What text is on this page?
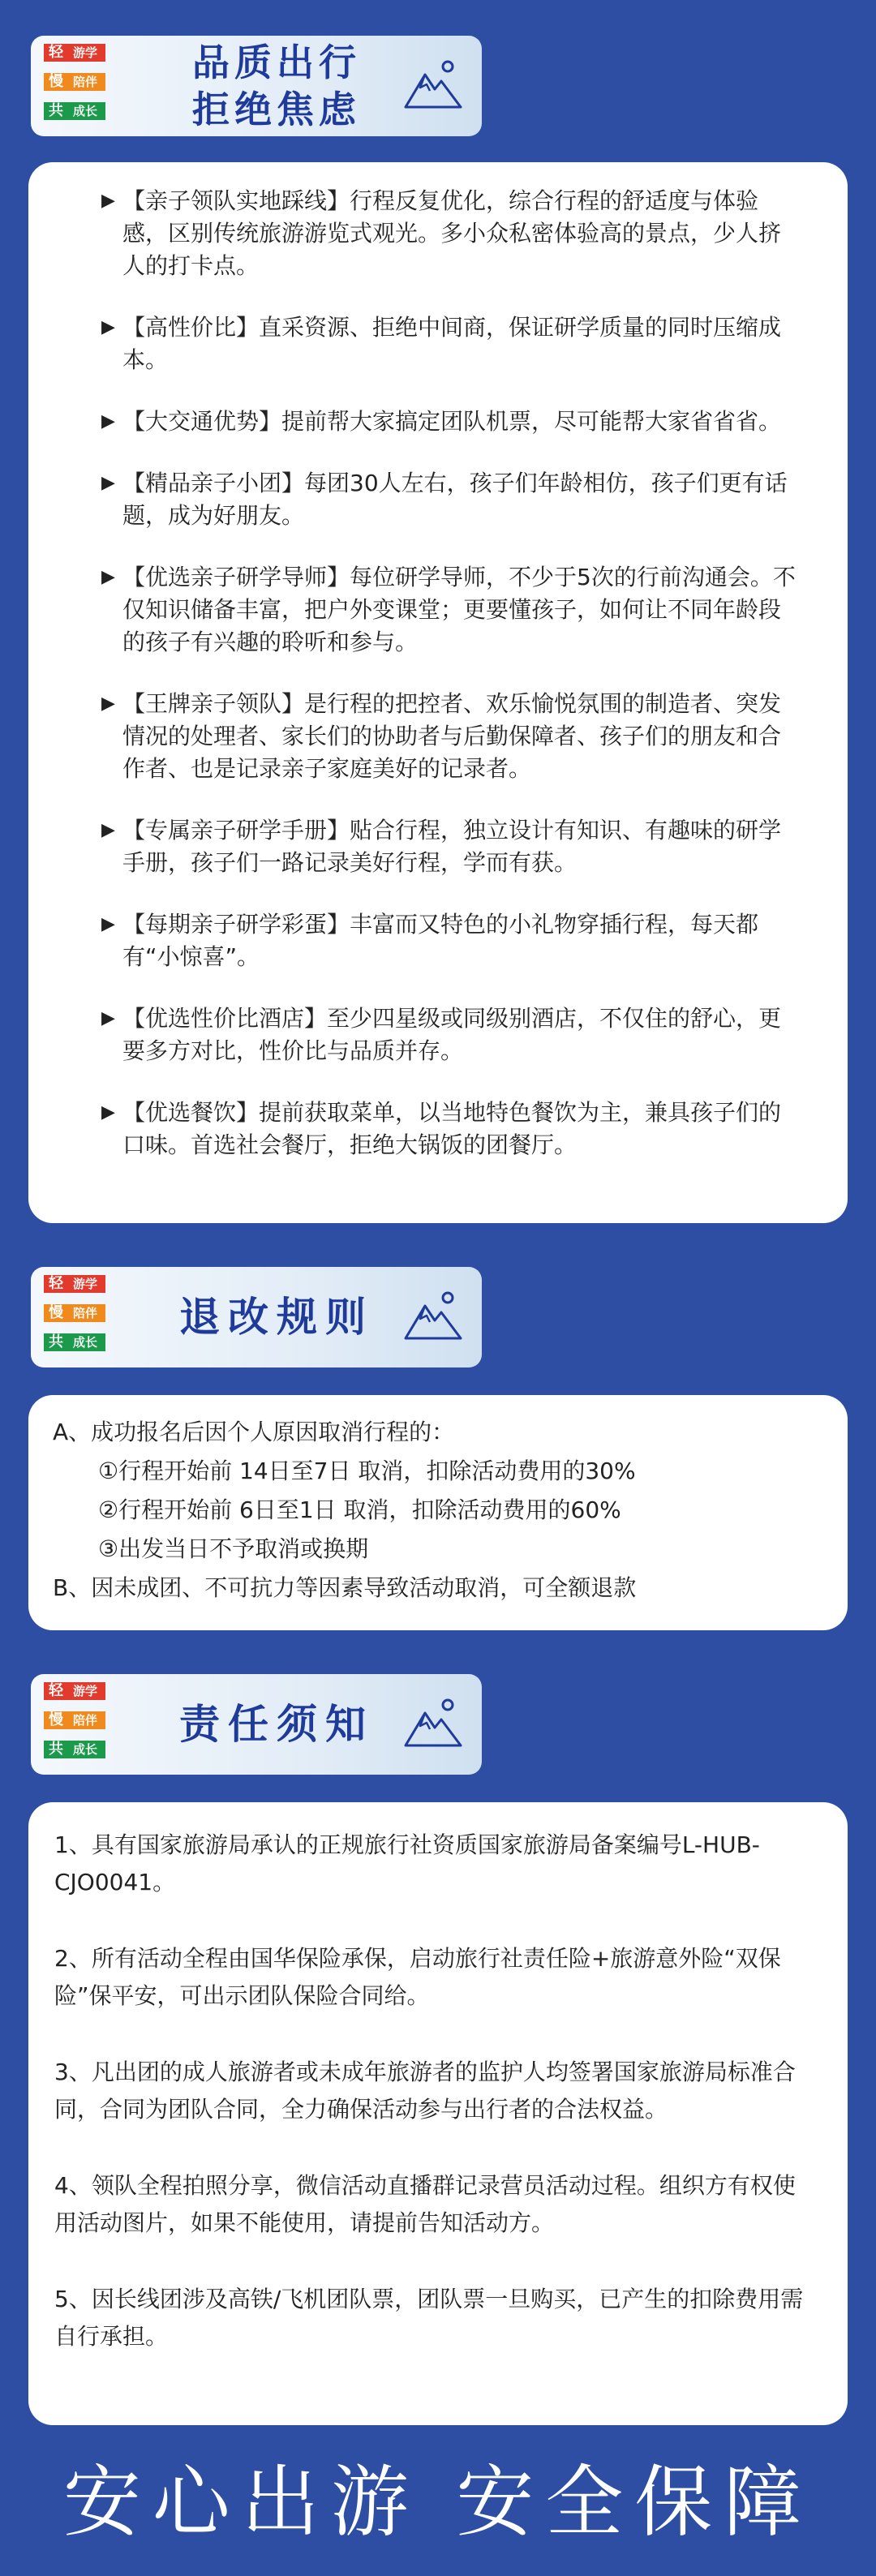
轻 游学
慢 陪伴
共 成长
品质出行
拒绝焦虑
▶ 【亲子领队实地踩线】行程反复优化，综合行程的舒适度与体验感，区别传统旅游游览式观光。多小众私密体验高的景点，少人挤人的打卡点。
▶ 【高性价比】直采资源、拒绝中间商，保证研学质量的同时压缩成本。
▶ 【大交通优势】提前帮大家搞定团队机票，尽可能帮大家省省省。
▶ 【精品亲子小团】每团30人左右，孩子们年龄相仿，孩子们更有话题，成为好朋友。
▶ 【优选亲子研学导师】每位研学导师，不少于5次的行前沟通会。不仅知识储备丰富，把户外变课堂；更要懂孩子，如何让不同年龄段的孩子有兴趣的聆听和参与。
▶ 【王牌亲子领队】是行程的把控者、欢乐愉悦氛围的制造者、突发情况的处理者、家长们的协助者与后勤保障者、孩子们的朋友和合作者、也是记录亲子家庭美好的记录者。
▶ 【专属亲子研学手册】贴合行程，独立设计有知识、有趣味的研学手册，孩子们一路记录美好行程，学而有获。
▶ 【每期亲子研学彩蛋】丰富而又特色的小礼物穿插行程，每天都有“小惊喜”。
▶ 【优选性价比酒店】至少四星级或同级别酒店，不仅住的舒心，更要多方对比，性价比与品质并存。
▶ 【优选餐饮】提前获取菜单，以当地特色餐饮为主，兼具孩子们的口味。首选社会餐厅，拒绝大锅饭的团餐厅。
轻 游学
慢 陪伴
共 成长
退改规则
A、成功报名后因个人原因取消行程的：
①行程开始前 14日至7日 取消，扣除活动费用的30%
②行程开始前 6日至1日 取消，扣除活动费用的60%
③出发当日不予取消或换期
B、因未成团、不可抗力等因素导致活动取消，可全额退款
轻 游学
慢 陪伴
共 成长
责任须知
1、具有国家旅游局承认的正规旅行社资质国家旅游局备案编号L-HUB-CJO0041。
2、所有活动全程由国华保险承保，启动旅行社责任险+旅游意外险“双保险”保平安，可出示团队保险合同给。
3、凡出团的成人旅游者或未成年旅游者的监护人均签署国家旅游局标准合同，合同为团队合同，全力确保活动参与出行者的合法权益。
4、领队全程拍照分享，微信活动直播群记录营员活动过程。组织方有权使用活动图片，如果不能使用，请提前告知活动方。
5、因长线团涉及高铁/飞机团队票，团队票一旦购买，已产生的扣除费用需自行承担。
安心出游 安全保障
